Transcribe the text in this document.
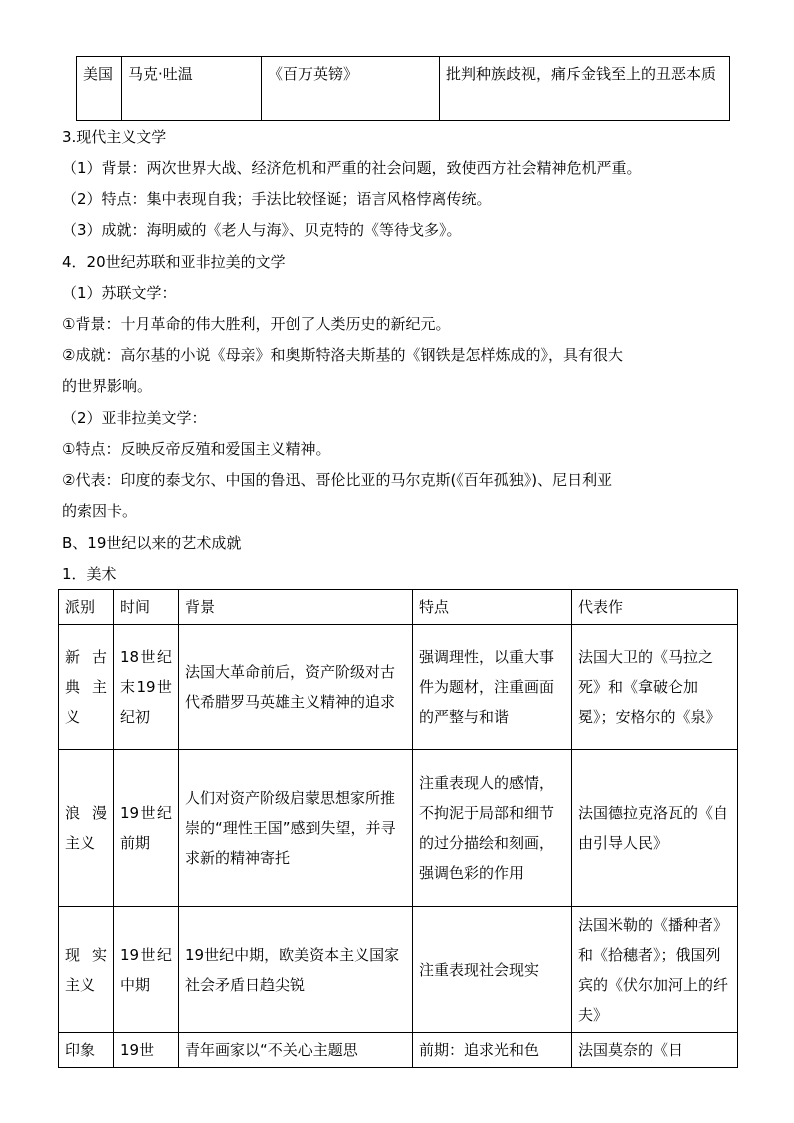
美国	马克·吐温	《百万英镑》	批判种族歧视，痛斥金钱至上的丑恶本质
3.现代主义文学
（1）背景：两次世界大战、经济危机和严重的社会问题，致使西方社会精神危机严重。
（2）特点：集中表现自我；手法比较怪诞；语言风格悖离传统。
（3）成就：海明威的《老人与海》、贝克特的《等待戈多》。
4．20世纪苏联和亚非拉美的文学
（1）苏联文学：
①背景：十月革命的伟大胜利，开创了人类历史的新纪元。
②成就：高尔基的小说《母亲》和奥斯特洛夫斯基的《钢铁是怎样炼成的》，具有很大
的世界影响。
（2）亚非拉美文学：
①特点：反映反帝反殖和爱国主义精神。
②代表：印度的泰戈尔、中国的鲁迅、哥伦比亚的马尔克斯(《百年孤独》)、尼日利亚
的索因卡。
B、19世纪以来的艺术成就
1．美术
派别	时间	背景	特点	代表作
新古典主义	18世纪末19世纪初	法国大革命前后，资产阶级对古代希腊罗马英雄主义精神的追求	强调理性，以重大事件为题材，注重画面的严整与和谐	法国大卫的《马拉之死》和《拿破仑加冕》；安格尔的《泉》
浪漫主义	19世纪前期	人们对资产阶级启蒙思想家所推崇的“理性王国”感到失望，并寻求新的精神寄托	注重表现人的感情，不拘泥于局部和细节的过分描绘和刻画，强调色彩的作用	法国德拉克洛瓦的《自由引导人民》
现实主义	19世纪中期	19世纪中期，欧美资本主义国家社会矛盾日趋尖锐	注重表现社会现实	法国米勒的《播种者》和《拾穗者》；俄国列宾的《伏尔加河上的纤夫》
印象	19世	青年画家以“不关心主题思	前期：追求光和色	法国莫奈的《日
